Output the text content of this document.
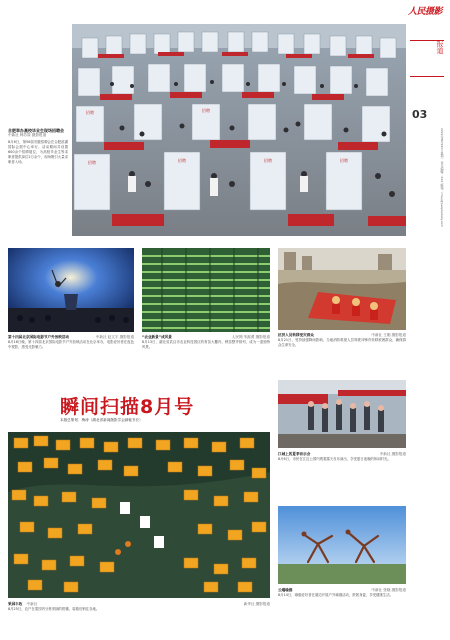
人民摄影
报道
03
2022年8月29日 星期一 责任编辑：XXX 邮箱：rmsy@peopledaily.com
招聘	招聘	招聘	招聘
招聘	招聘
合肥举办高校毕业生现场招聘会
中新社 韩苏原 摄影报道
8月6日，第56届安徽招聘会在合肥滨湖国际会展中心举行，活动期间共设置600余个招聘展位，为高校毕业生等求职者提供岗位2万余个，现场吸引大量求职者入场。
第十四届北京国际电影节户外放映活动	中新社 赵文宇 摄影报道
8月18日晚，第十四届北京国际电影节户外放映活动在北京举办，电影爱好者在夜色中观影，感受光影魅力。
“农业新景”成风景	人民网 朱熙勇 摄影报道
8月13日，湖北省武汉市农业科技园区的育苗大棚内，秧苗整齐排列，成为一道独特风景。
抗洪人员转移受灾群众	中新社 王刚 摄影报道
8月21日，受持续强降雨影响，当地消防救援人员驾驶冲锋舟转移被困群众，确保群众生命安全。
瞬间扫描8月号
本版总策划：梅涛（湖北省新闻摄影学会副秘书长）
果园丰收 中新社	新华社 摄影报道
8月25日，农户在果园内分拣采摘的柑橘，装箱后销往各地。
江城上的夏季音乐会	中新社 摄影报道
8月6日，市民在江边公园内观看露天音乐演出，享受夏日夜晚的休闲时光。
云端瑜伽	中新社 张晓 摄影报道
8月14日，瑜伽爱好者在湖边开展户外瑜伽活动，舒展身姿，享受健康生活。
